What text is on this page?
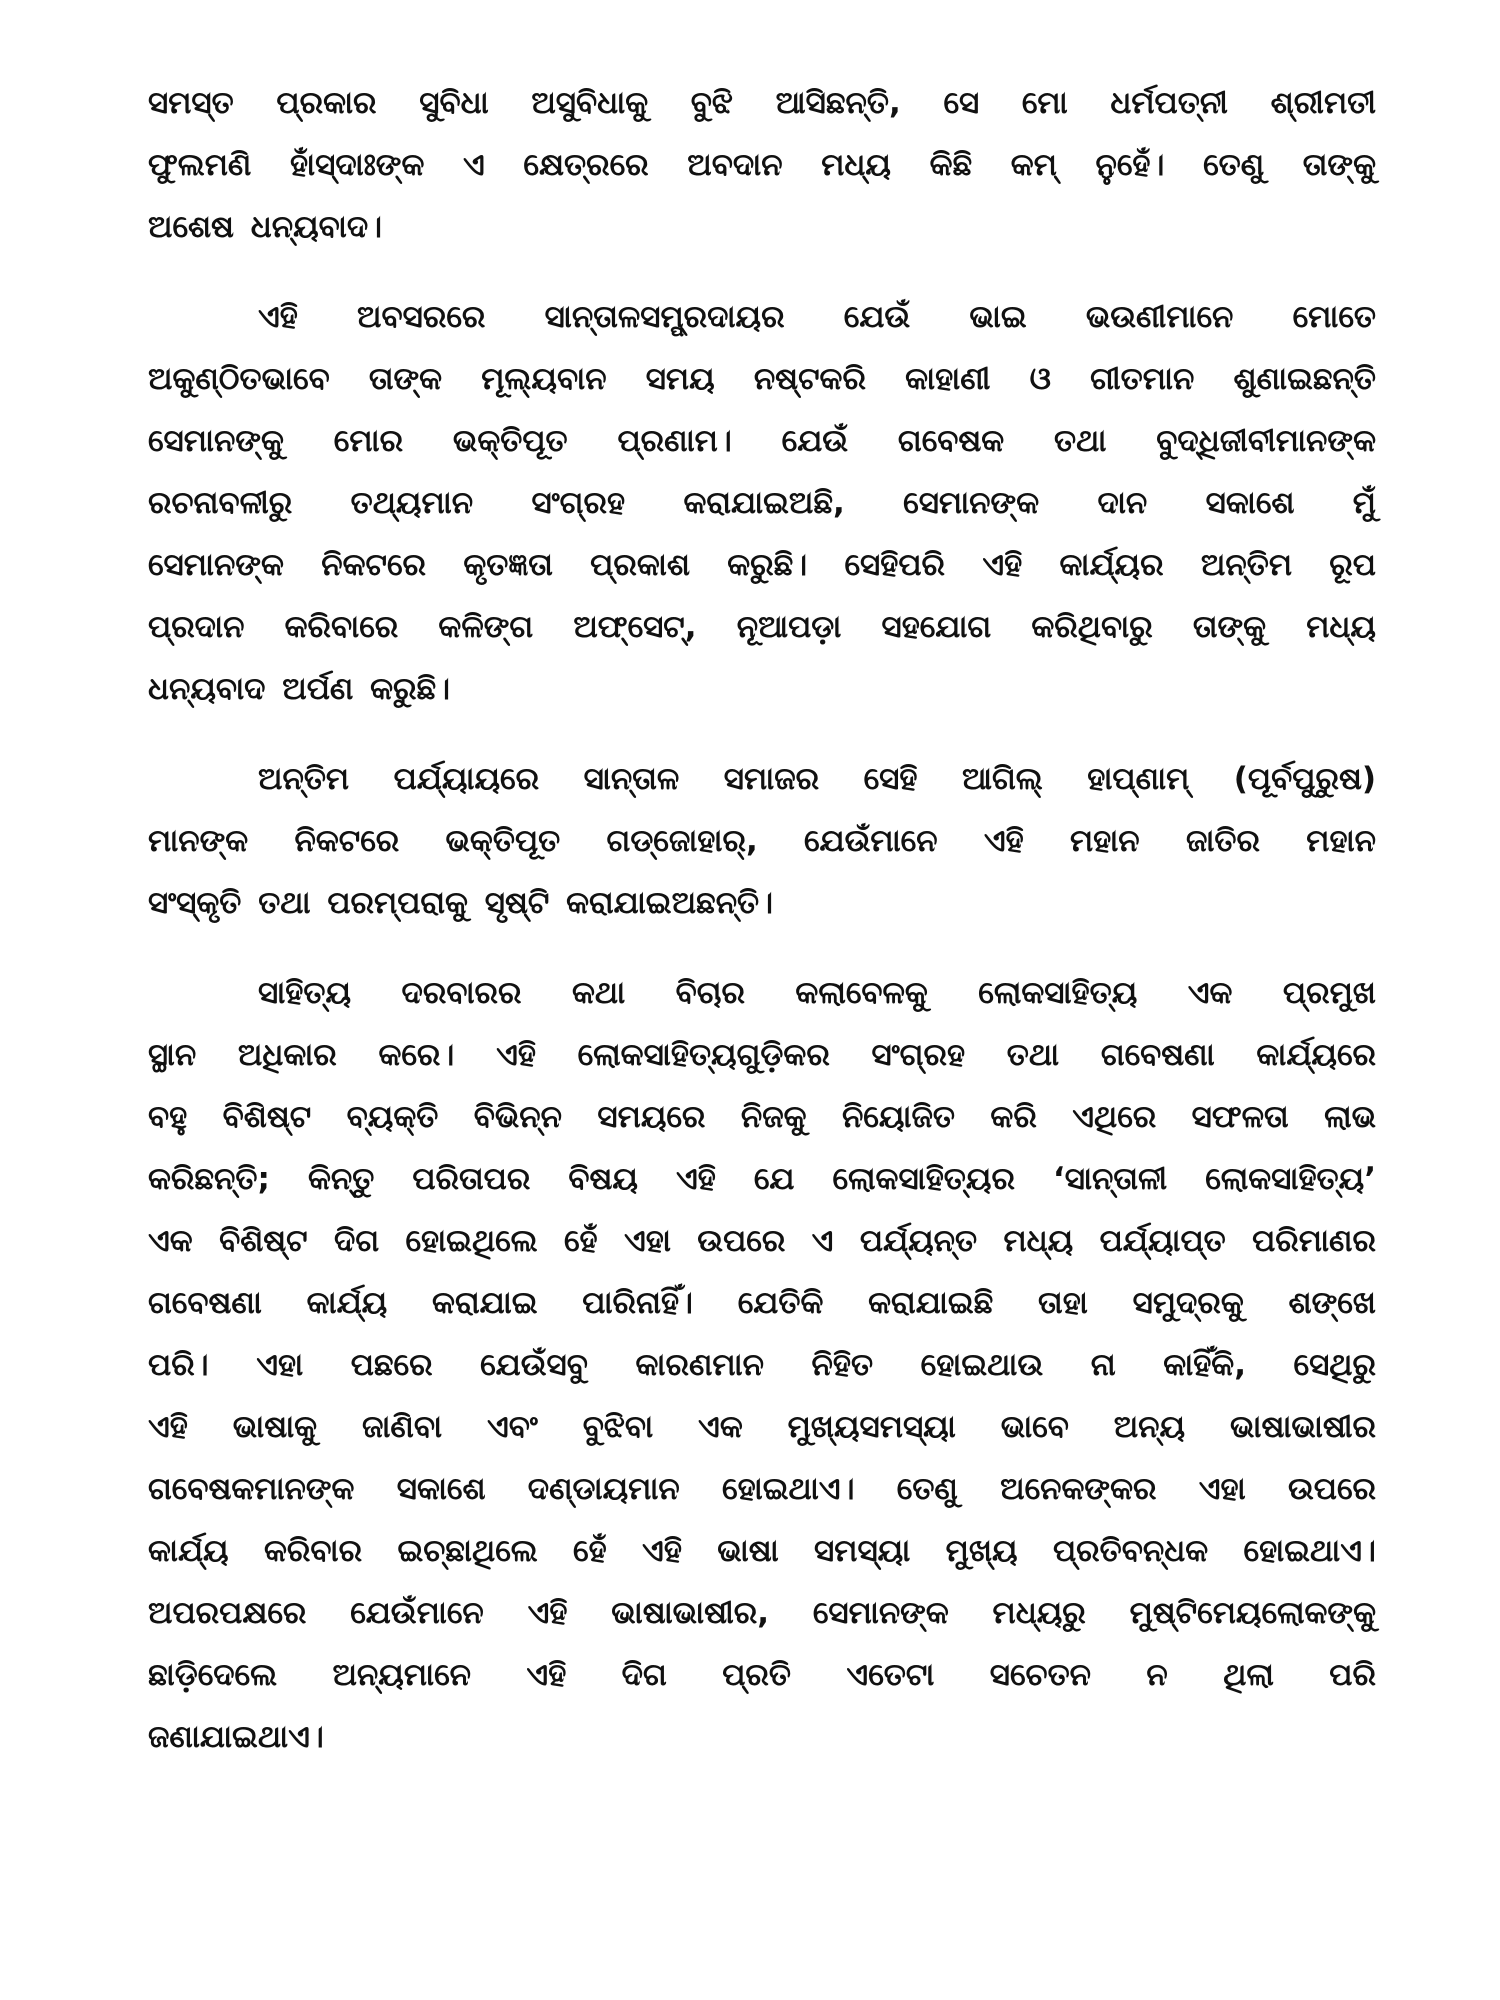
ସମସ୍ତ ପ୍ରକାର ସୁବିଧା ଅସୁବିଧାକୁ ବୁଝି ଆସିଛନ୍ତି, ସେ ମୋ ଧର୍ମପତ୍ନୀ ଶ୍ରୀମତୀ
ଫୁଲମଣି ହାଁସ୍‌ଦାଃଙ୍କ ଏ କ୍ଷେତ୍ରରେ ଅବଦାନ ମଧ୍ୟ କିଛି କମ୍ ନୁହେଁ। ତେଣୁ ତାଙ୍କୁ
ଅଶେଷ ଧନ୍ୟବାଦ।
ଏହି ଅବସରରେ ସାନ୍ତାଳସମ୍ପ୍ରଦାୟର ଯେଉଁ ଭାଇ ଭଉଣୀମାନେ ମୋତେ
ଅକୁଣ୍ଠିତଭାବେ ତାଙ୍କ ମୂଲ୍ୟବାନ ସମୟ ନଷ୍ଟକରି କାହାଣୀ ଓ ଗୀତମାନ ଶୁଣାଇଛନ୍ତି
ସେମାନଙ୍କୁ ମୋର ଭକ୍ତିପୂତ ପ୍ରଣାମ। ଯେଉଁ ଗବେଷକ ତଥା ବୁଦ୍ଧିଜୀବୀମାନଙ୍କ
ରଚନାବଳୀରୁ ତଥ୍ୟମାନ ସଂଗ୍ରହ କରାଯାଇଅଛି, ସେମାନଙ୍କ ଦାନ ସକାଶେ ମୁଁ
ସେମାନଙ୍କ ନିକଟରେ କୃତଜ୍ଞତା ପ୍ରକାଶ କରୁଛି। ସେହିପରି ଏହି କାର୍ଯ୍ୟର ଅନ୍ତିମ ରୂପ
ପ୍ରଦାନ କରିବାରେ କଳିଙ୍ଗ ଅଫ୍‌ସେଟ୍, ନୂଆପଡ଼ା ସହଯୋଗ କରିଥିବାରୁ ତାଙ୍କୁ ମଧ୍ୟ
ଧନ୍ୟବାଦ ଅର୍ପଣ କରୁଛି।
ଅନ୍ତିମ ପର୍ଯ୍ୟାୟରେ ସାନ୍ତାଳ ସମାଜର ସେହି ଆଗିଲ୍ ହାପ୍‌ଣାମ୍ (ପୂର୍ବପୁରୁଷ)
ମାନଙ୍କ ନିକଟରେ ଭକ୍ତିପୂତ ଗଡ୍‌ଜୋହାର୍, ଯେଉଁମାନେ ଏହି ମହାନ ଜାତିର ମହାନ
ସଂସ୍କୃତି ତଥା ପରମ୍ପରାକୁ ସୃଷ୍ଟି କରାଯାଇଅଛନ୍ତି।
ସାହିତ୍ୟ ଦରବାରର କଥା ବିଚାର କଲାବେଳକୁ ଲୋକସାହିତ୍ୟ ଏକ ପ୍ରମୁଖ
ସ୍ଥାନ ଅଧିକାର କରେ। ଏହି ଲୋକସାହିତ୍ୟଗୁଡ଼ିକର ସଂଗ୍ରହ ତଥା ଗବେଷଣା କାର୍ଯ୍ୟରେ
ବହୁ ବିଶିଷ୍ଟ ବ୍ୟକ୍ତି ବିଭିନ୍ନ ସମୟରେ ନିଜକୁ ନିୟୋଜିତ କରି ଏଥିରେ ସଫଳତା ଲାଭ
କରିଛନ୍ତି; କିନ୍ତୁ ପରିତାପର ବିଷୟ ଏହି ଯେ ଲୋକସାହିତ୍ୟର ‘ସାନ୍ତାଳୀ ଲୋକସାହିତ୍ୟ’
ଏକ ବିଶିଷ୍ଟ ଦିଗ ହୋଇଥିଲେ ହେଁ ଏହା ଉପରେ ଏ ପର୍ଯ୍ୟନ୍ତ ମଧ୍ୟ ପର୍ଯ୍ୟାପ୍ତ ପରିମାଣର
ଗବେଷଣା କାର୍ଯ୍ୟ କରାଯାଇ ପାରିନାହିଁ। ଯେତିକି କରାଯାଇଛି ତାହା ସମୁଦ୍ରକୁ ଶଙ୍ଖେ
ପରି। ଏହା ପଛରେ ଯେଉଁସବୁ କାରଣମାନ ନିହିତ ହୋଇଥାଉ ନା କାହିଁକି, ସେଥିରୁ
ଏହି ଭାଷାକୁ ଜାଣିବା ଏବଂ ବୁଝିବା ଏକ ମୁଖ୍ୟସମସ୍ୟା ଭାବେ ଅନ୍ୟ ଭାଷାଭାଷୀର
ଗବେଷକମାନଙ୍କ ସକାଶେ ଦଣ୍ଡାୟମାନ ହୋଇଥାଏ। ତେଣୁ ଅନେକଙ୍କର ଏହା ଉପରେ
କାର୍ଯ୍ୟ କରିବାର ଇଚ୍ଛାଥିଲେ ହେଁ ଏହି ଭାଷା ସମସ୍ୟା ମୁଖ୍ୟ ପ୍ରତିବନ୍ଧକ ହୋଇଥାଏ।
ଅପରପକ୍ଷରେ ଯେଉଁମାନେ ଏହି ଭାଷାଭାଷୀର, ସେମାନଙ୍କ ମଧ୍ୟରୁ ମୁଷ୍ଟିମେୟଲୋକଙ୍କୁ
ଛାଡ଼ିଦେଲେ ଅନ୍ୟମାନେ ଏହି ଦିଗ ପ୍ରତି ଏତେଟା ସଚେତନ ନ ଥିଲା ପରି
ଜଣାଯାଇଥାଏ।
